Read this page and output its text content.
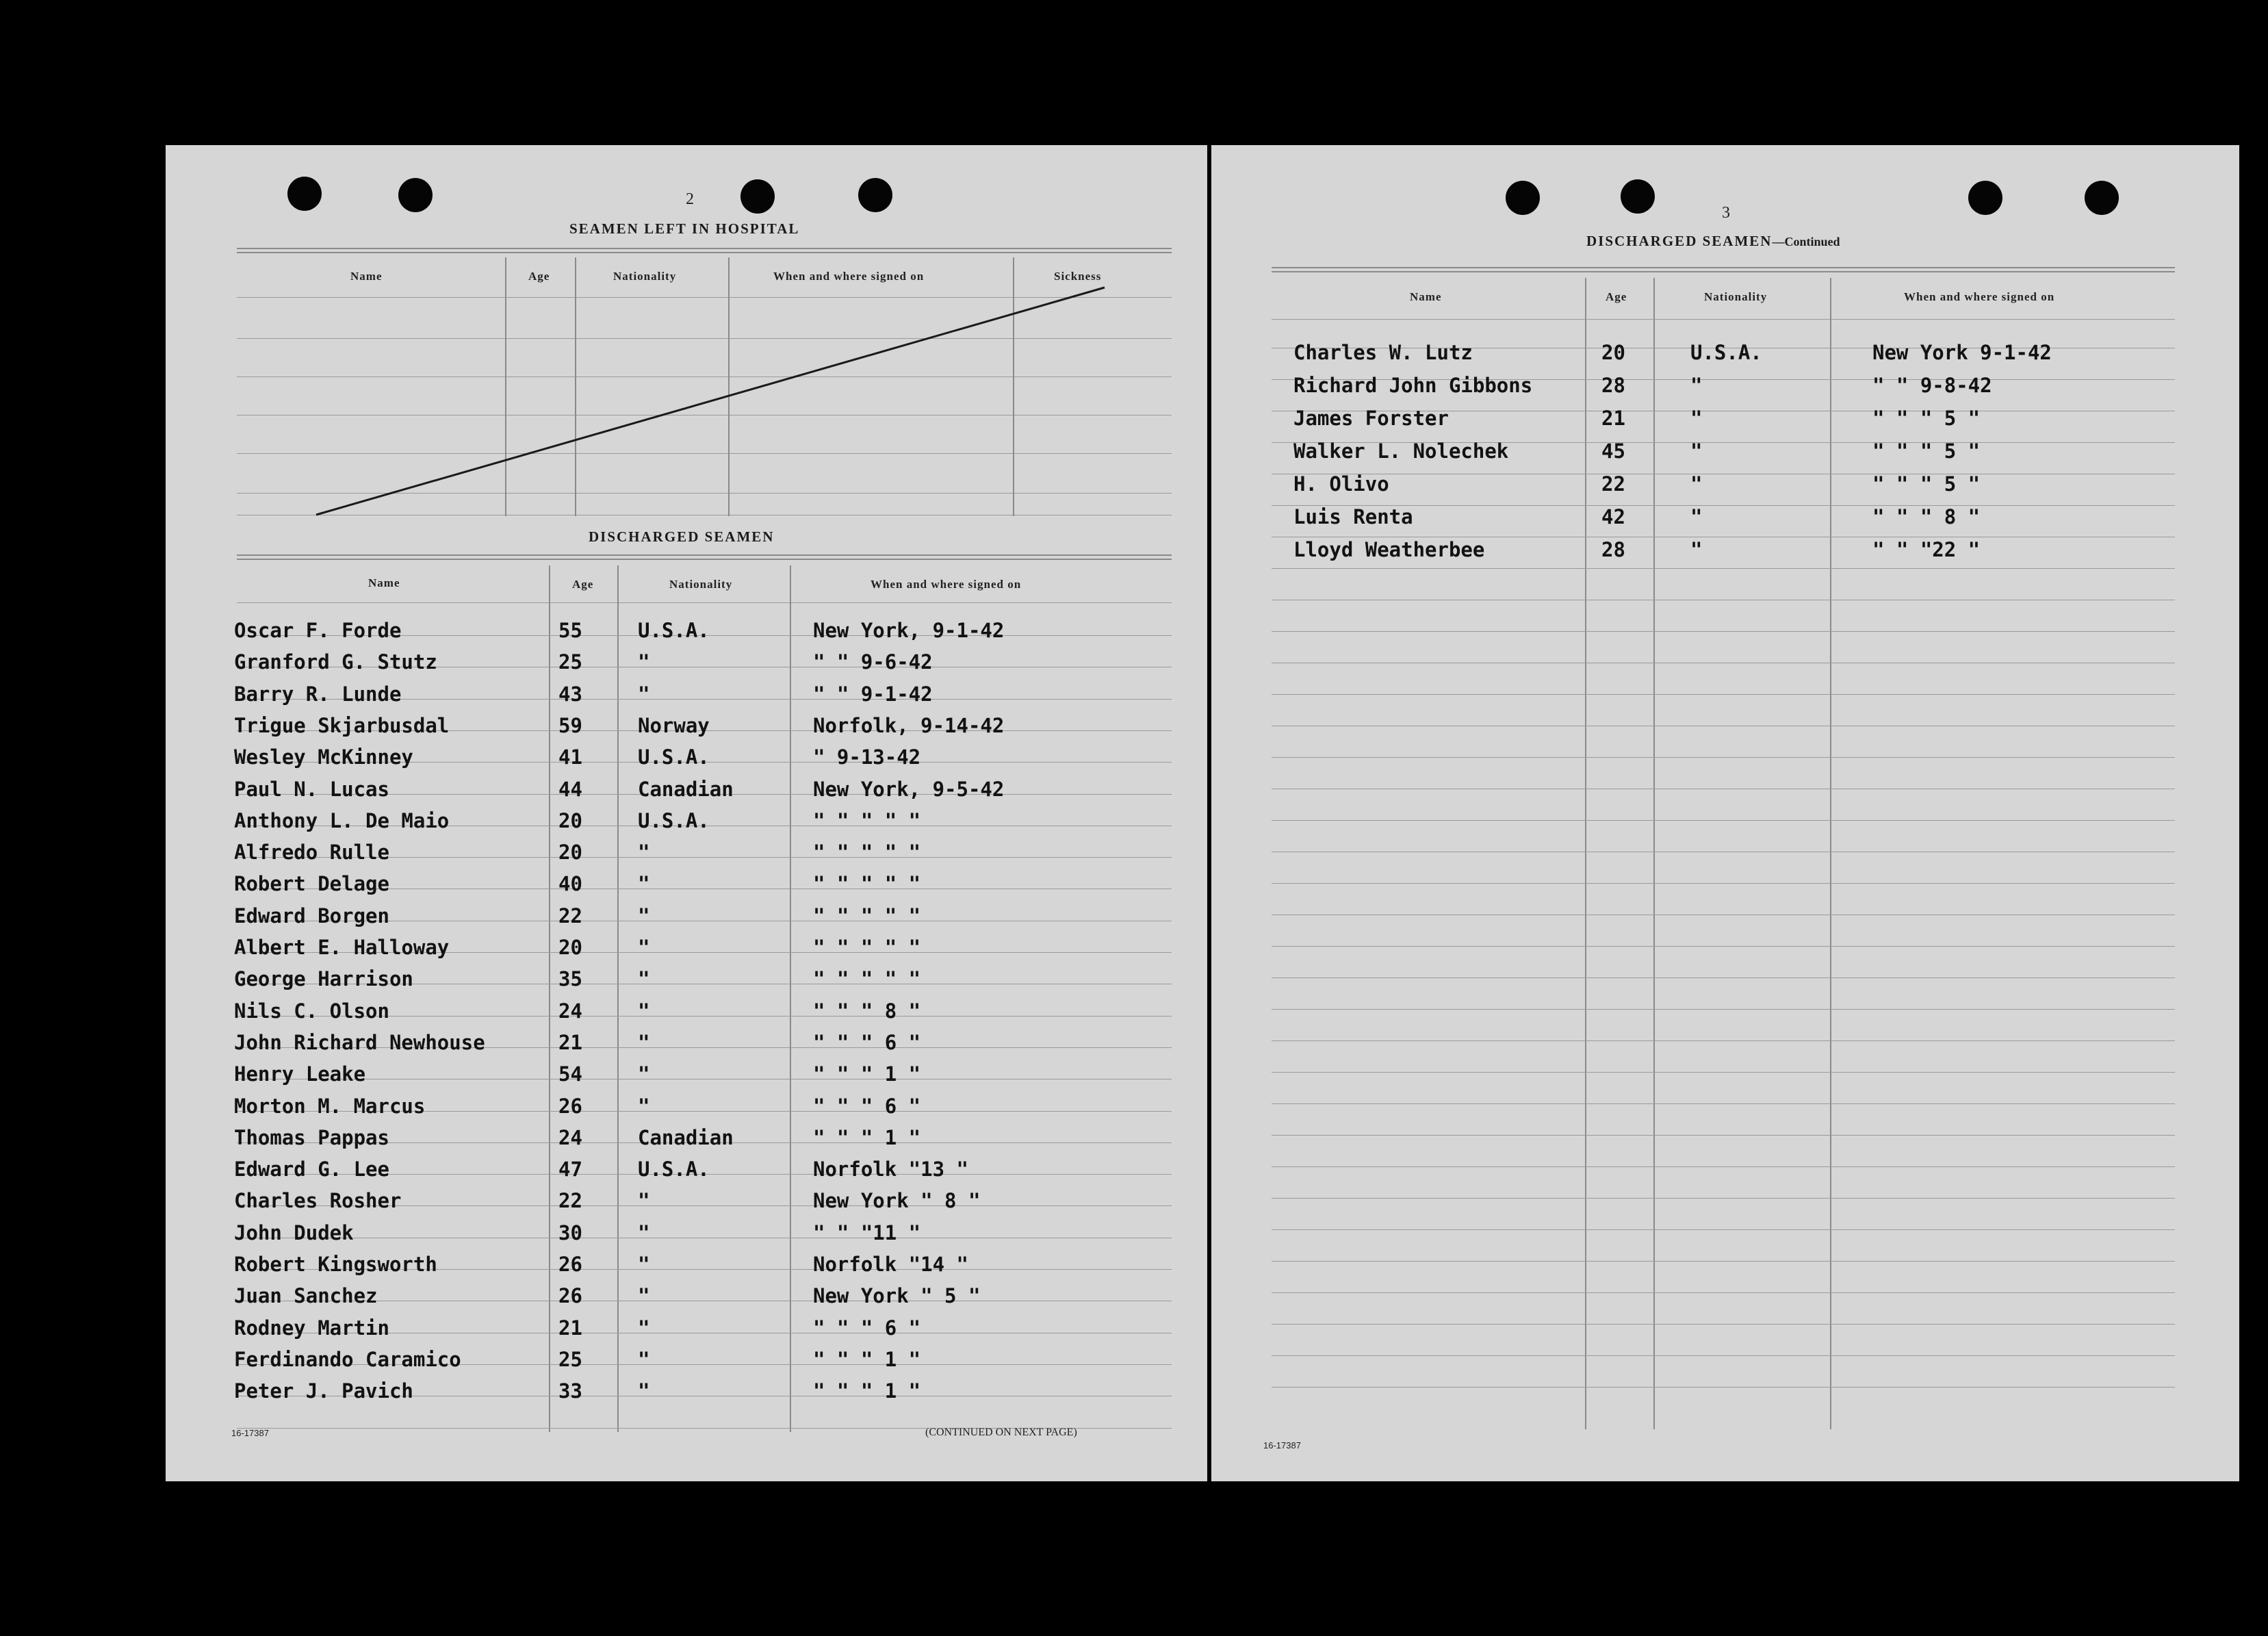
2
SEAMEN LEFT IN HOSPITAL
Name	Age	Nationality	When and where signed on	Sickness
DISCHARGED SEAMEN
Name	Age	Nationality	When and where signed on
Oscar F. Forde	55	U.S.A.	New York, 9-1-42
Granford G. Stutz	25	"	" " 9-6-42
Barry R. Lunde	43	"	" " 9-1-42
Trigue Skjarbusdal	59	Norway	Norfolk, 9-14-42
Wesley McKinney	41	U.S.A.	" 9-13-42
Paul N. Lucas	44	Canadian	New York, 9-5-42
Anthony L. De Maio	20	U.S.A.	" " " " "
Alfredo Rulle	20	"	" " " " "
Robert Delage	40	"	" " " " "
Edward Borgen	22	"	" " " " "
Albert E. Halloway	20	"	" " " " "
George Harrison	35	"	" " " " "
Nils C. Olson	24	"	" " " 8 "
John Richard Newhouse	21	"	" " " 6 "
Henry Leake	54	"	" " " 1 "
Morton M. Marcus	26	"	" " " 6 "
Thomas Pappas	24	Canadian	" " " 1 "
Edward G. Lee	47	U.S.A.	Norfolk "13 "
Charles Rosher	22	"	New York " 8 "
John Dudek	30	"	" " "11 "
Robert Kingsworth	26	"	Norfolk "14 "
Juan Sanchez	26	"	New York " 5 "
Rodney Martin	21	"	" " " 6 "
Ferdinando Caramico	25	"	" " " 1 "
Peter J. Pavich	33	"	" " " 1 "
16-17387	(CONTINUED ON NEXT PAGE)
3
DISCHARGED SEAMEN—Continued
Name	Age	Nationality	When and where signed on
Charles W. Lutz	20	U.S.A.	New York 9-1-42
Richard John Gibbons	28	"	" " 9-8-42
James Forster	21	"	" " " 5 "
Walker L. Nolechek	45	"	" " " 5 "
H. Olivo	22	"	" " " 5 "
Luis Renta	42	"	" " " 8 "
Lloyd Weatherbee	28	"	" " "22 "
16-17387
